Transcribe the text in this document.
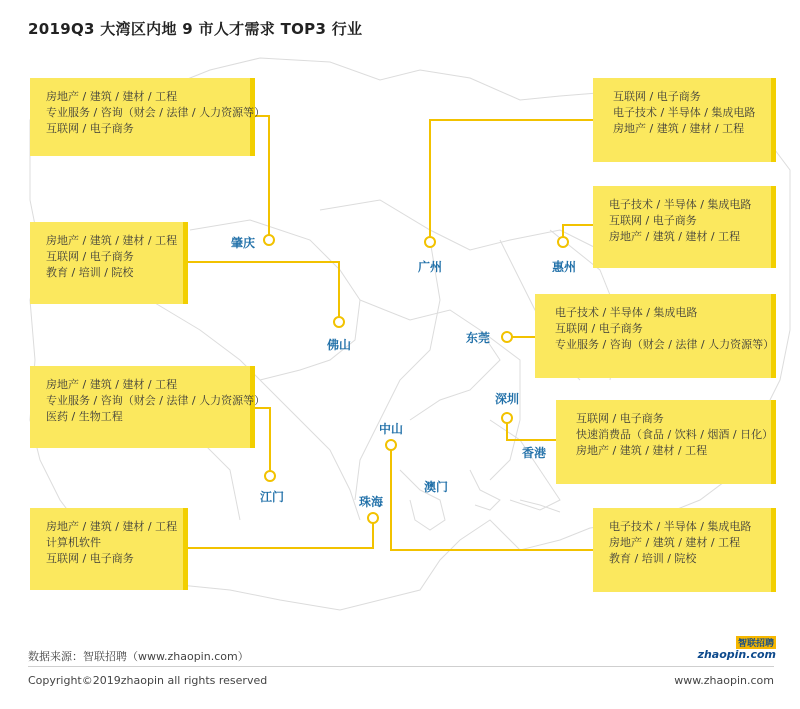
2019Q3 大湾区内地 9 市人才需求 TOP3 行业
房地产 / 建筑 / 建材 / 工程
专业服务 / 咨询（财会 / 法律 / 人力资源等）
互联网 / 电子商务
房地产 / 建筑 / 建材 / 工程
互联网 / 电子商务
教育 / 培训 / 院校
房地产 / 建筑 / 建材 / 工程
专业服务 / 咨询（财会 / 法律 / 人力资源等）
医药 / 生物工程
房地产 / 建筑 / 建材 / 工程
计算机软件
互联网 / 电子商务
互联网 / 电子商务
电子技术 / 半导体 / 集成电路
房地产 / 建筑 / 建材 / 工程
电子技术 / 半导体 / 集成电路
互联网 / 电子商务
房地产 / 建筑 / 建材 / 工程
电子技术 / 半导体 / 集成电路
互联网 / 电子商务
专业服务 / 咨询（财会 / 法律 / 人力资源等）
互联网 / 电子商务
快速消费品（食品 / 饮料 / 烟酒 / 日化）
房地产 / 建筑 / 建材 / 工程
电子技术 / 半导体 / 集成电路
房地产 / 建筑 / 建材 / 工程
教育 / 培训 / 院校
肇庆
广州	惠州
佛山	东莞
深圳
香港
中山
江门	珠海
澳门
数据来源：智联招聘（www.zhaopin.com）
智联招聘
zhaopin.com
Copyright©2019zhaopin all rights reserved	www.zhaopin.com
